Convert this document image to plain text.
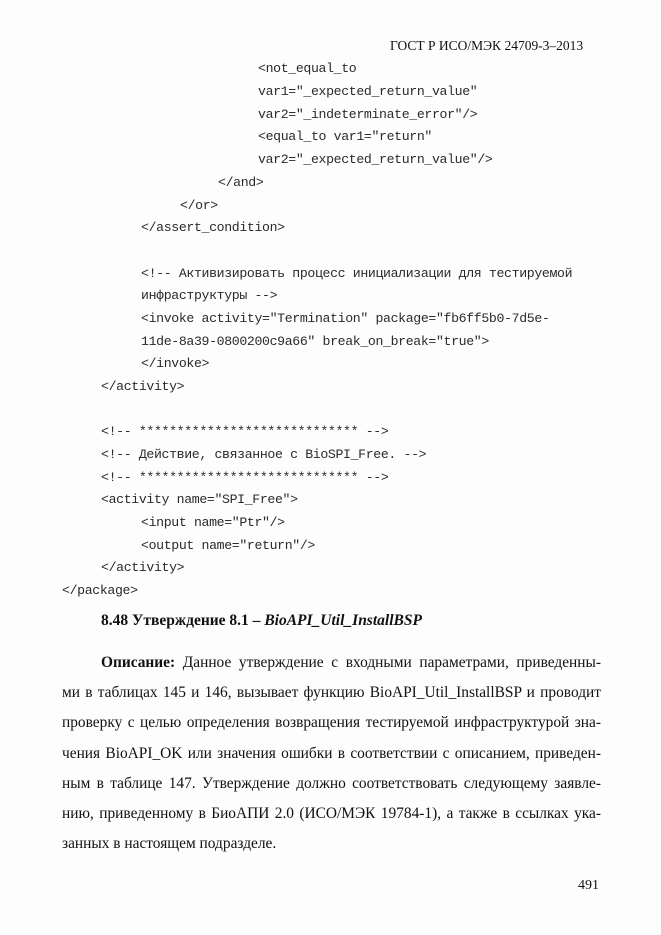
ГОСТ Р ИСО/МЭК 24709-3–2013
<not_equal_to
var1="_expected_return_value"
var2="_indeterminate_error"/>
<equal_to var1="return"
var2="_expected_return_value"/>
</and>
</or>
</assert_condition>
<!-- Активизировать процесс инициализации для тестируемой
инфраструктуры -->
<invoke activity="Termination" package="fb6ff5b0-7d5e-
11de-8a39-0800200c9a66" break_on_break="true">
</invoke>
</activity>
<!-- ***************************** -->
<!-- Действие, связанное с BioSPI_Free. -->
<!-- ***************************** -->
<activity name="SPI_Free">
<input name="Ptr"/>
<output name="return"/>
</activity>
</package>
8.48 Утверждение 8.1 – BioAPI_Util_InstallBSP
Описание: Данное утверждение с входными параметрами, приведенны-
ми в таблицах 145 и 146, вызывает функцию BioAPI_Util_InstallBSP и проводит
проверку с целью определения возвращения тестируемой инфраструктурой зна-
чения BioAPI_OK или значения ошибки в соответствии с описанием, приведен-
ным в таблице 147. Утверждение должно соответствовать следующему заявле-
нию, приведенному в БиоАПИ 2.0 (ИСО/МЭК 19784-1), а также в ссылках ука-
занных в настоящем подразделе.
491
